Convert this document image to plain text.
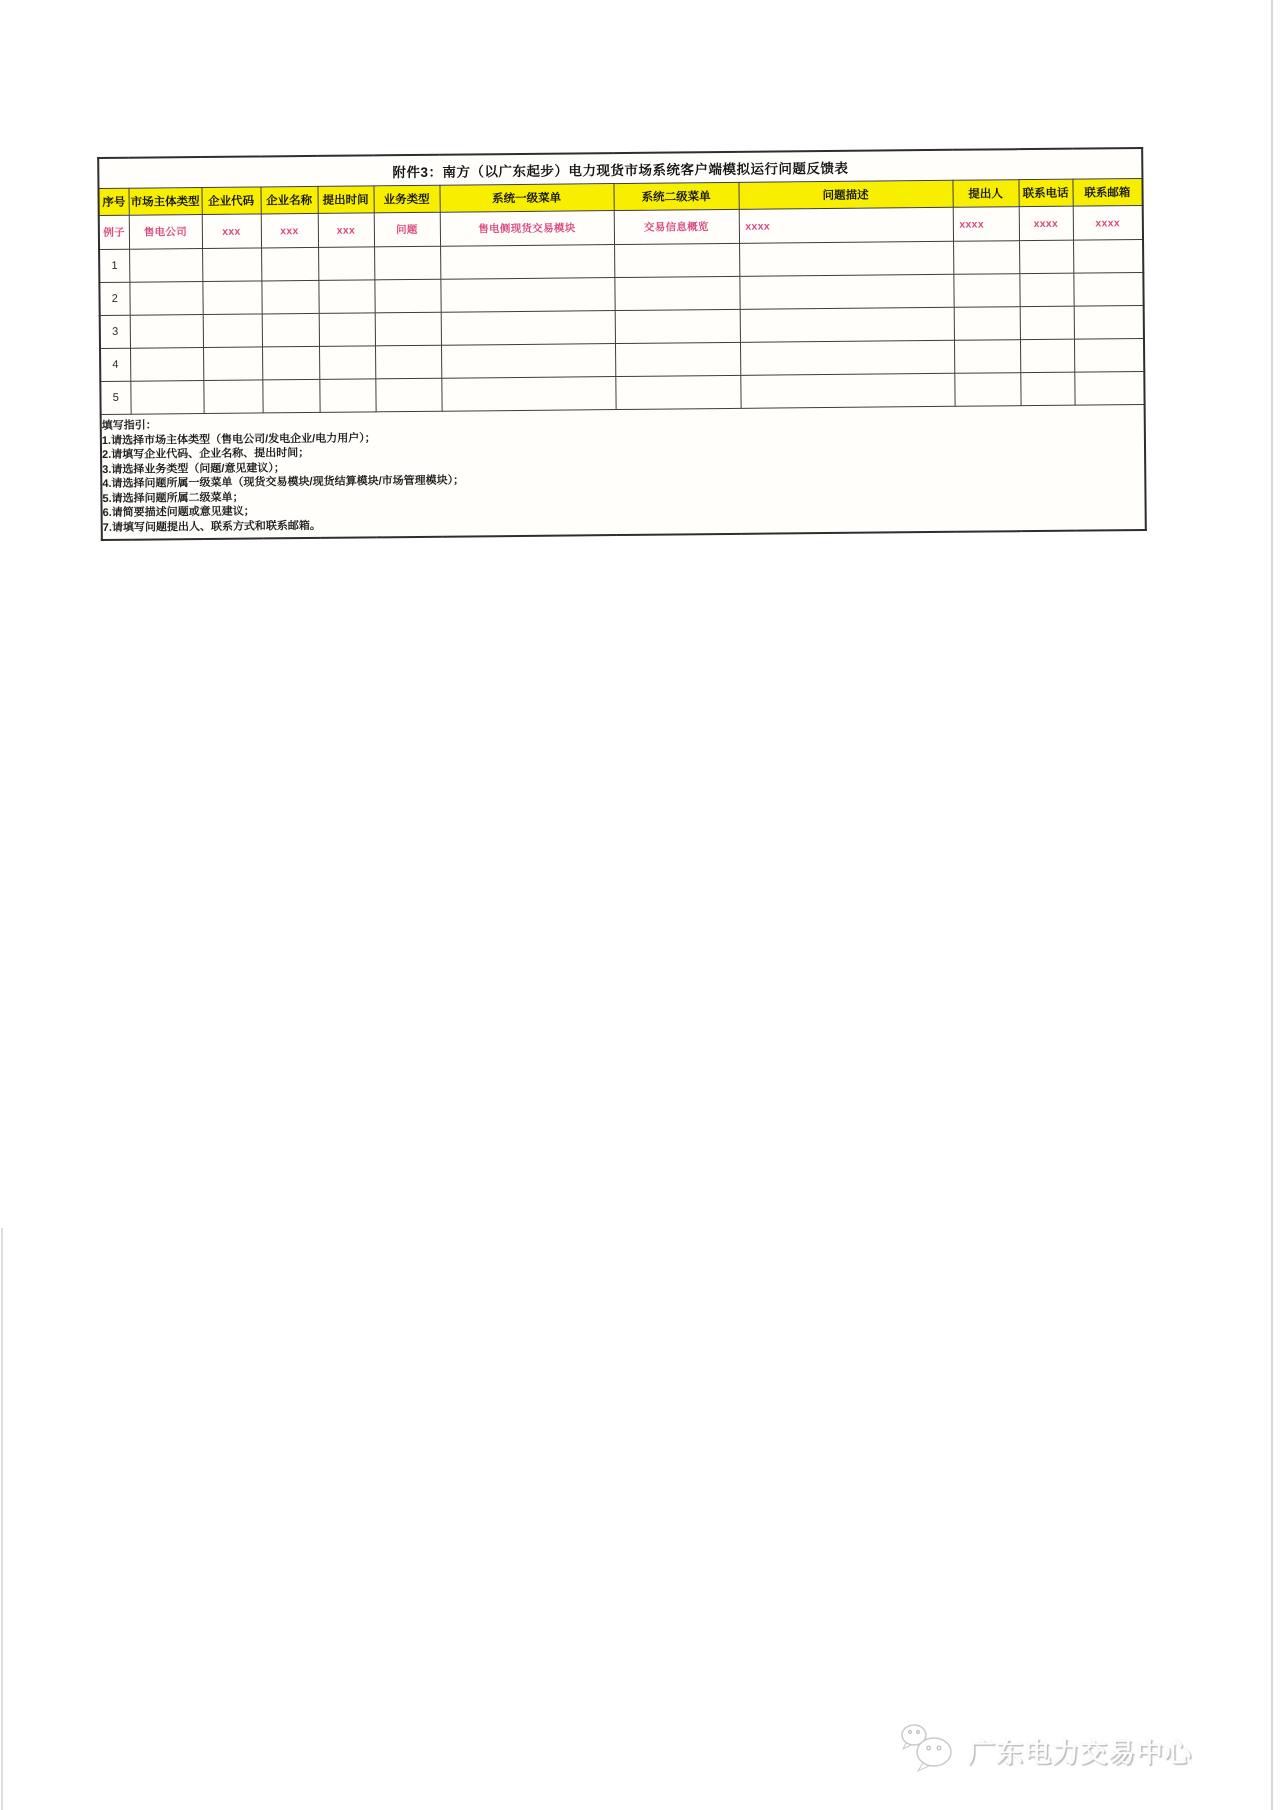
附件3：南方（以广东起步）电力现货市场系统客户端模拟运行问题反馈表											
序号	市场主体类型	企业代码	企业名称	提出时间	业务类型	系统一级菜单	系统二级菜单	问题描述	提出人	联系电话	联系邮箱
例子	售电公司	xxx	xxx	xxx	问题	售电侧现货交易模块	交易信息概览	xxxx	xxxx	xxxx	xxxx
1											
2											
3											
4											
5											

填写指引：
1.请选择市场主体类型（售电公司/发电企业/电力用户）；
2.请填写企业代码、企业名称、提出时间；
3.请选择业务类型（问题/意见建议）；
4.请选择问题所属一级菜单（现货交易模块/现货结算模块/市场管理模块）；
5.请选择问题所属二级菜单；
6.请简要描述问题或意见建议；
7.请填写问题提出人、联系方式和联系邮箱。
广东电力交易中心
